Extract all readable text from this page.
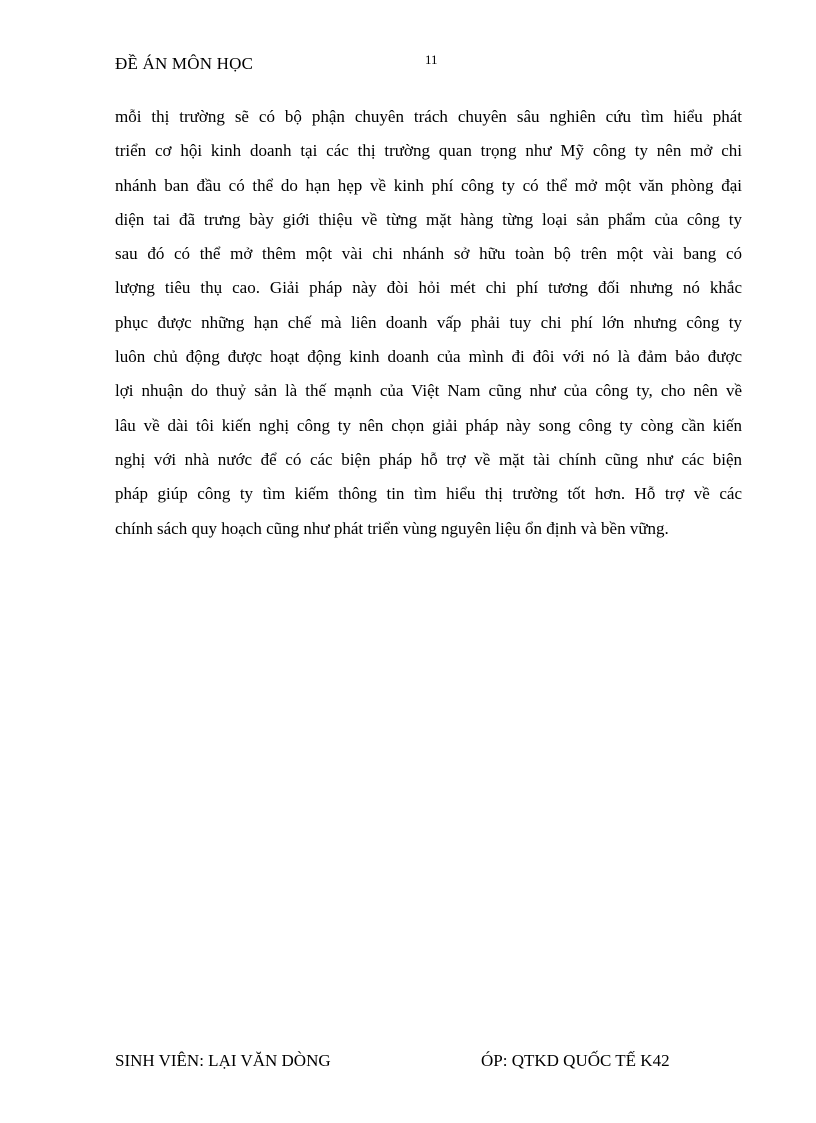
ĐỀ ÁN MÔN HỌC	11
mỗi thị trường sẽ có bộ phận chuyên trách chuyên sâu nghiên cứu tìm hiểu phát
triển cơ hội kinh doanh tại các thị trường quan trọng như Mỹ công ty nên mở chi
nhánh ban đầu có thể do hạn hẹp về kinh phí công ty có thể mở một văn phòng đại
diện tai đã trưng bày giới thiệu về từng mặt hàng từng loại sản phẩm của công ty
sau đó có thể mở thêm một vài chi nhánh sở hữu toàn bộ trên một vài bang có
lượng tiêu thụ cao. Giải pháp này đòi hỏi mét chi phí tương đối nhưng nó khắc
phục được những hạn chế mà liên doanh vấp phải tuy chi phí lớn nhưng công ty
luôn chủ động được hoạt động kinh doanh của mình đi đôi với nó là đảm bảo được
lợi nhuận do thuỷ sản là thế mạnh của Việt Nam cũng như của công ty, cho nên về
lâu về dài tôi kiến nghị công ty nên chọn giải pháp này song công ty còng cần kiến
nghị với nhà nước để có các biện pháp hỗ trợ về mặt tài chính cũng như các biện
pháp giúp công ty tìm kiếm thông tin tìm hiểu thị trường tốt hơn. Hỗ trợ về các
chính sách quy hoạch cũng như phát triển vùng nguyên liệu ổn định và bền vững.
SINH VIÊN: LẠI VĂN DÒNG	ÓP: QTKD QUỐC TẾ K42
